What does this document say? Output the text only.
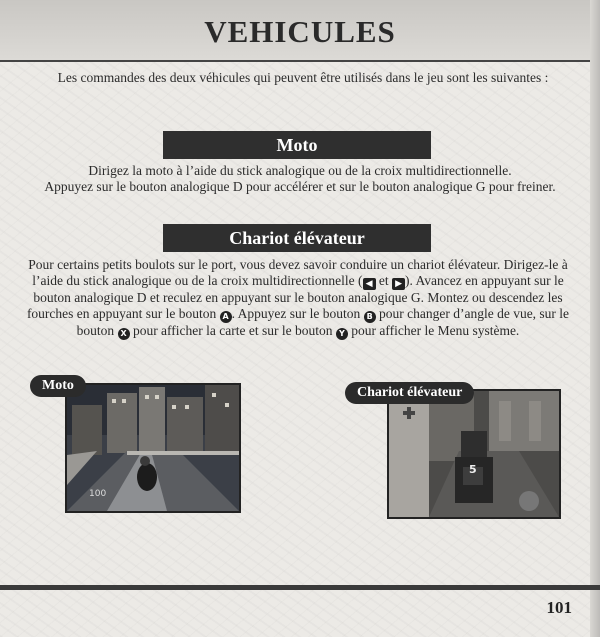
VEHICULES
Les commandes des deux véhicules qui peuvent être utilisés dans le jeu sont les suivantes :
Moto
Dirigez la moto à l’aide du stick analogique ou de la croix multidirectionnelle.
Appuyez sur le bouton analogique D pour accélérer et sur le bouton analogique G pour freiner.
Chariot élévateur
Pour certains petits boulots sur le port, vous devez savoir conduire un chariot élévateur. Dirigez-le à l’aide du stick analogique ou de la croix multidirectionnelle ( ◀ et ▶ ). Avancez en appuyant sur le bouton analogique D et reculez en appuyant sur le bouton analogique G. Montez ou descendez les fourches en appuyant sur le bouton A . Appuyez sur le bouton B pour changer d’angle de vue, sur le bouton X pour afficher la carte et sur le bouton Y pour afficher le Menu système.
100
Moto
5
Chariot élévateur
101
